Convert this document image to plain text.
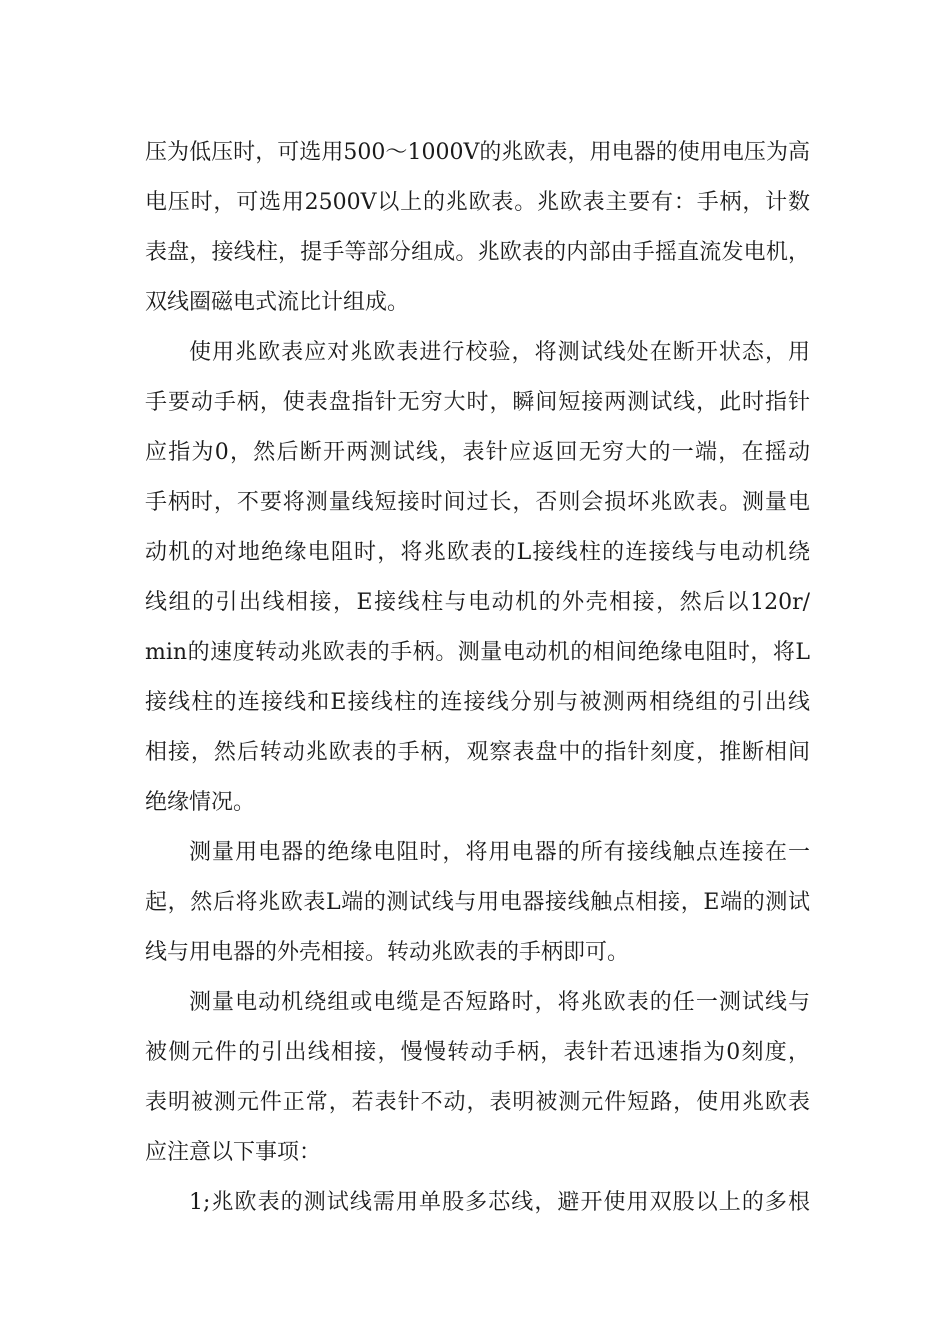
压为低压时，可选用500～1000V的兆欧表，用电器的使用电压为高
电压时，可选用2500V以上的兆欧表。兆欧表主要有：手柄，计数
表盘，接线柱，提手等部分组成。兆欧表的内部由手摇直流发电机，
双线圈磁电式流比计组成。
使用兆欧表应对兆欧表进行校验，将测试线处在断开状态，用
手要动手柄，使表盘指针无穷大时，瞬间短接两测试线，此时指针
应指为0，然后断开两测试线，表针应返回无穷大的一端，在摇动
手柄时，不要将测量线短接时间过长，否则会损坏兆欧表。测量电
动机的对地绝缘电阻时，将兆欧表的L接线柱的连接线与电动机绕
线组的引出线相接，E接线柱与电动机的外壳相接，然后以120r/
min的速度转动兆欧表的手柄。测量电动机的相间绝缘电阻时，将L
接线柱的连接线和E接线柱的连接线分别与被测两相绕组的引出线
相接，然后转动兆欧表的手柄，观察表盘中的指针刻度，推断相间
绝缘情况。
测量用电器的绝缘电阻时，将用电器的所有接线触点连接在一
起，然后将兆欧表L端的测试线与用电器接线触点相接，E端的测试
线与用电器的外壳相接。转动兆欧表的手柄即可。
测量电动机绕组或电缆是否短路时，将兆欧表的任一测试线与
被侧元件的引出线相接，慢慢转动手柄，表针若迅速指为0刻度，
表明被测元件正常，若表针不动，表明被测元件短路，使用兆欧表
应注意以下事项：
1;兆欧表的测试线需用单股多芯线，避开使用双股以上的多根
